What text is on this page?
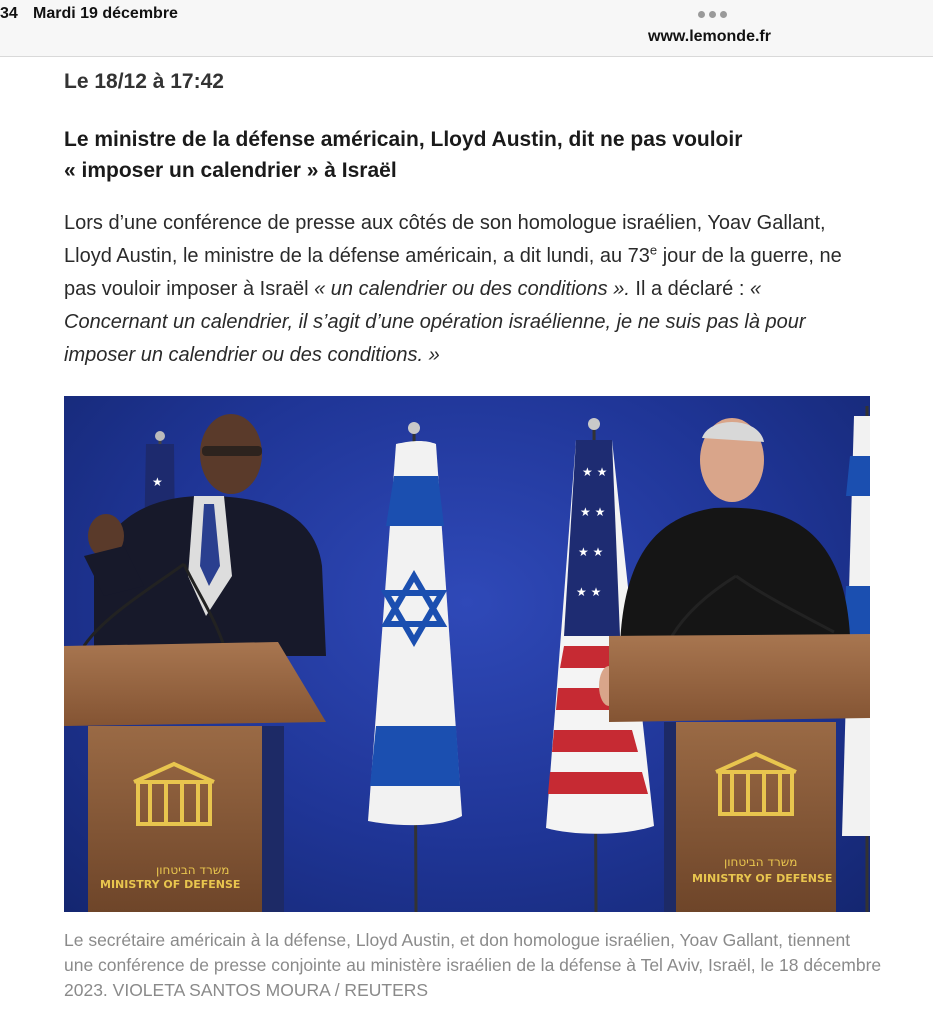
34 Mardi 19 décembre
www.lemonde.fr
Le 18/12 à 17:42
Le ministre de la défense américain, Lloyd Austin, dit ne pas vouloir
« imposer un calendrier » à Israël
Lors d’une conférence de presse aux côtés de son homologue israélien, Yoav Gallant, Lloyd Austin, le ministre de la défense américain, a dit lundi, au 73e jour de la guerre, ne pas vouloir imposer à Israël « un calendrier ou des conditions ». Il a déclaré : « Concernant un calendrier, il s’agit d’une opération israélienne, je ne suis pas là pour imposer un calendrier ou des conditions. »
★
★ ★
★ ★
★ ★
★ ★
משרד הביטחון
MINISTRY OF DEFENSE
משרד הביטחון
MINISTRY OF DEFENSE
Le secrétaire américain à la défense, Lloyd Austin, et don homologue israélien, Yoav Gallant, tiennent une conférence de presse conjointe au ministère israélien de la défense à Tel Aviv, Israël, le 18 décembre 2023. VIOLETA SANTOS MOURA / REUTERS
